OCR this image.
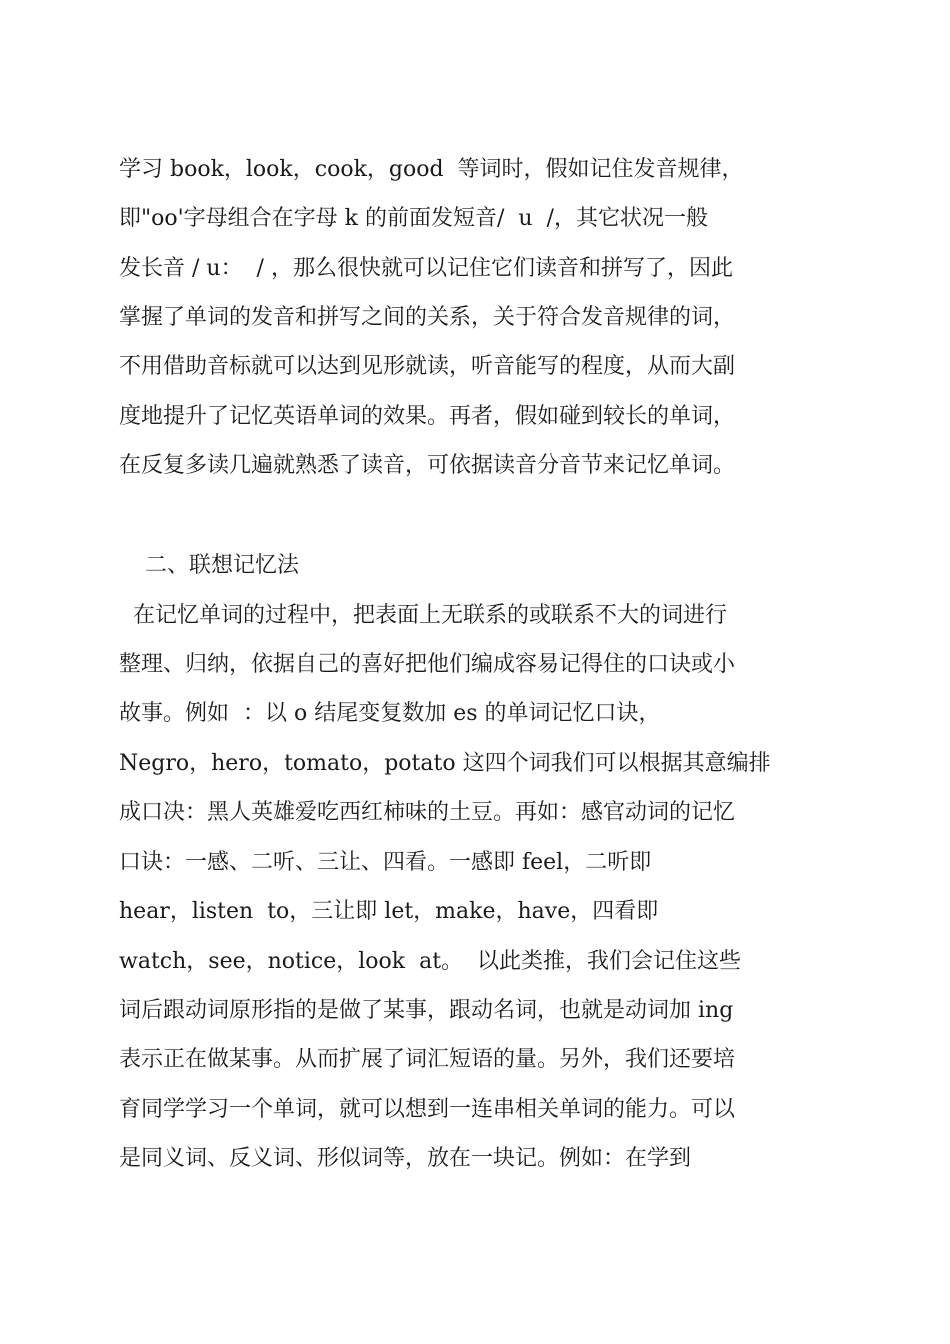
学习 book，look，cook，good  等词时，假如记住发音规律，
即"oo'字母组合在字母 k 的前面发短音/  u  /，其它状况一般
发长音 / u：  / ，那么很快就可以记住它们读音和拼写了，因此
掌握了单词的发音和拼写之间的关系，关于符合发音规律的词，
不用借助音标就可以达到见形就读，听音能写的程度，从而大副
度地提升了记忆英语单词的效果。再者，假如碰到较长的单词，
在反复多读几遍就熟悉了读音，可依据读音分音节来记忆单词。
二、联想记忆法
在记忆单词的过程中，把表面上无联系的或联系不大的词进行
整理、归纳，依据自己的喜好把他们编成容易记得住的口诀或小
故事。例如  ：以 o 结尾变复数加 es 的单词记忆口诀，
Negro，hero，tomato，potato 这四个词我们可以根据其意编排
成口决：黑人英雄爱吃西红柿味的土豆。再如：感官动词的记忆
口诀：一感、二听、三让、四看。一感即 feel，二听即
hear，listen  to，三让即 let，make，have，四看即
watch，see，notice，look  at。  以此类推，我们会记住这些
词后跟动词原形指的是做了某事，跟动名词，也就是动词加 ing
表示正在做某事。从而扩展了词汇短语的量。另外，我们还要培
育同学学习一个单词，就可以想到一连串相关单词的能力。可以
是同义词、反义词、形似词等，放在一块记。例如：在学到
